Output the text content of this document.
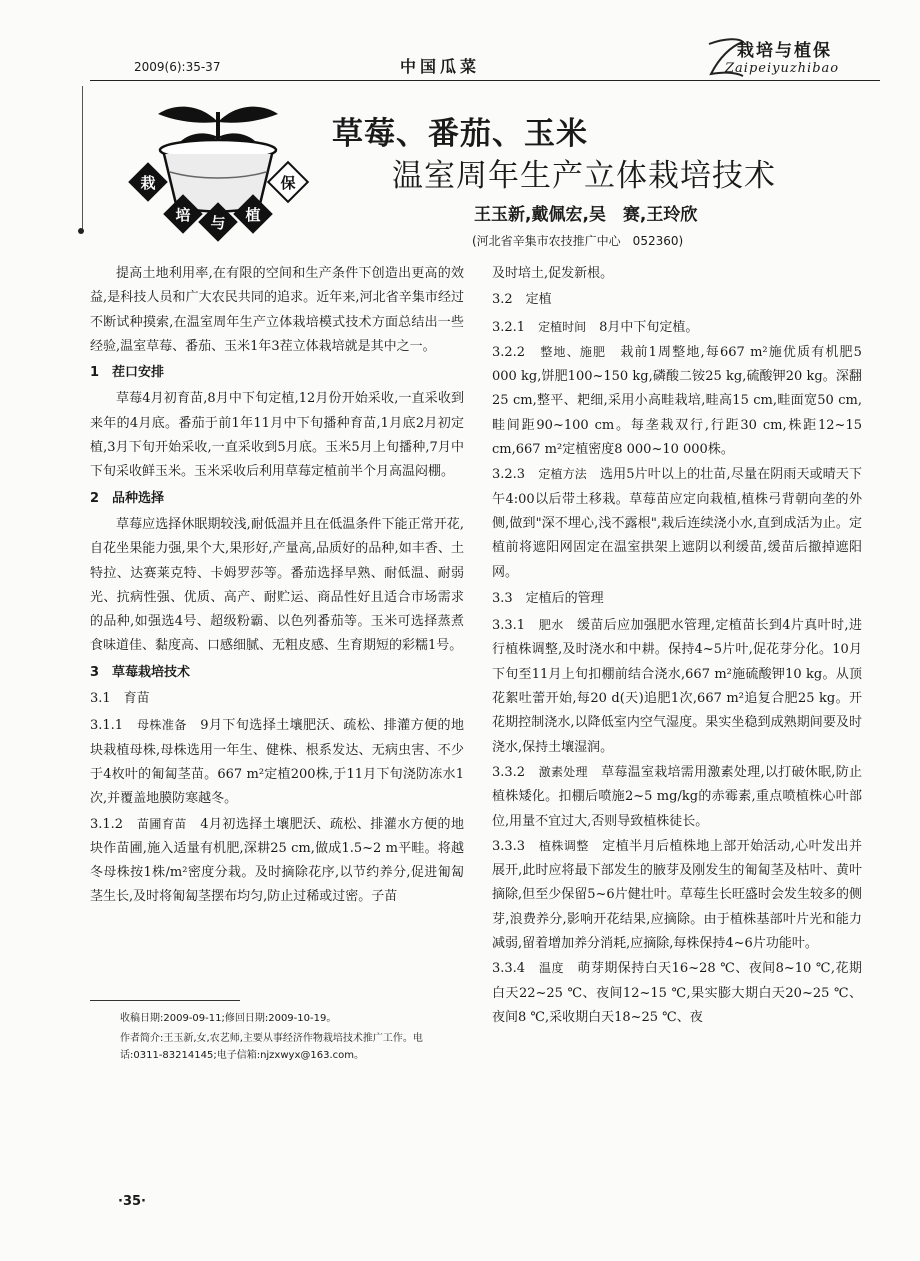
2009(6):35-37	中国瓜菜
栽培与植保
Zaipeiyuzhibao
栽
培 与 植
保
草莓、番茄、玉米
温室周年生产立体栽培技术
王玉新,戴佩宏,吴　赛,王玲欣
(河北省辛集市农技推广中心　052360)

提高土地利用率,在有限的空间和生产条件下创造出更高的效益,是科技人员和广大农民共同的追求。近年来,河北省辛集市经过不断试种摸索,在温室周年生产立体栽培模式技术方面总结出一些经验,温室草莓、番茄、玉米1年3茬立体栽培就是其中之一。

1　茬口安排

草莓4月初育苗,8月中下旬定植,12月份开始采收,一直采收到来年的4月底。番茄于前1年11月中下旬播种育苗,1月底2月初定植,3月下旬开始采收,一直采收到5月底。玉米5月上旬播种,7月中下旬采收鲜玉米。玉米采收后利用草莓定植前半个月高温闷棚。

2　品种选择

草莓应选择休眠期较浅,耐低温并且在低温条件下能正常开花,自花坐果能力强,果个大,果形好,产量高,品质好的品种,如丰香、土特拉、达赛莱克特、卡姆罗莎等。番茄选择早熟、耐低温、耐弱光、抗病性强、优质、高产、耐贮运、商品性好且适合市场需求的品种,如强选4号、超级粉霸、以色列番茄等。玉米可选择蒸煮食味道佳、黏度高、口感细腻、无粗皮感、生育期短的彩糯1号。

3　草莓栽培技术

3.1　育苗

3.1.1　 母株准备　 9月下旬选择土壤肥沃、疏松、排灌方便的地块栽植母株,母株选用一年生、健株、根系发达、无病虫害、不少于4枚叶的匍匐茎苗。667 m²定植200株,于11月下旬浇防冻水1次,并覆盖地膜防寒越冬。

3.1.2　 苗圃育苗　 4月初选择土壤肥沃、疏松、排灌水方便的地块作苗圃,施入适量有机肥,深耕25 cm,做成1.5~2 m平畦。将越冬母株按1株/m²密度分栽。及时摘除花序,以节约养分,促进匍匐茎生长,及时将匍匐茎摆布均匀,防止过稀或过密。子苗

及时培土,促发新根。

3.2　定植

3.2.1　 定植时间　 8月中下旬定植。

3.2.2　 整地、施肥　 栽前1周整地,每667 m²施优质有机肥5 000 kg,饼肥100~150 kg,磷酸二铵25 kg,硫酸钾20 kg。深翻25 cm,整平、耙细,采用小高畦栽培,畦高15 cm,畦面宽50 cm,畦间距90~100 cm。每垄栽双行,行距30 cm,株距12~15 cm,667 m²定植密度8 000~10 000株。

3.2.3　 定植方法　 选用5片叶以上的壮苗,尽量在阴雨天或晴天下午4:00以后带土移栽。草莓苗应定向栽植,植株弓背朝向垄的外侧,做到"深不埋心,浅不露根",栽后连续浇小水,直到成活为止。定植前将遮阳网固定在温室拱架上遮阴以利缓苗,缓苗后撤掉遮阳网。

3.3　定植后的管理

3.3.1　 肥水　 缓苗后应加强肥水管理,定植苗长到4片真叶时,进行植株调整,及时浇水和中耕。保持4~5片叶,促花芽分化。10月下旬至11月上旬扣棚前结合浇水,667 m²施硫酸钾10 kg。从顶花絮吐蕾开始,每20 d(天)追肥1次,667 m²追复合肥25 kg。开花期控制浇水,以降低室内空气湿度。果实坐稳到成熟期间要及时浇水,保持土壤湿润。

3.3.2　 激素处理　 草莓温室栽培需用激素处理,以打破休眠,防止植株矮化。扣棚后喷施2~5 mg/kg的赤霉素,重点喷植株心叶部位,用量不宜过大,否则导致植株徒长。

3.3.3　 植株调整　 定植半月后植株地上部开始活动,心叶发出并展开,此时应将最下部发生的腋芽及刚发生的匍匐茎及枯叶、黄叶摘除,但至少保留5~6片健壮叶。草莓生长旺盛时会发生较多的侧芽,浪费养分,影响开花结果,应摘除。由于植株基部叶片光和能力减弱,留着增加养分消耗,应摘除,每株保持4~6片功能叶。

3.3.4　 温度　 萌芽期保持白天16~28 ℃、夜间8~10 ℃,花期白天22~25 ℃、夜间12~15 ℃,果实膨大期白天20~25 ℃、夜间8 ℃,采收期白天18~25 ℃、夜

收稿日期:2009-09-11;修回日期:2009-10-19。
作者简介:王玉新,女,农艺师,主要从事经济作物栽培技术推广工作。电话:0311-83214145;电子信箱:njzxwyx@163.com。
·35·
